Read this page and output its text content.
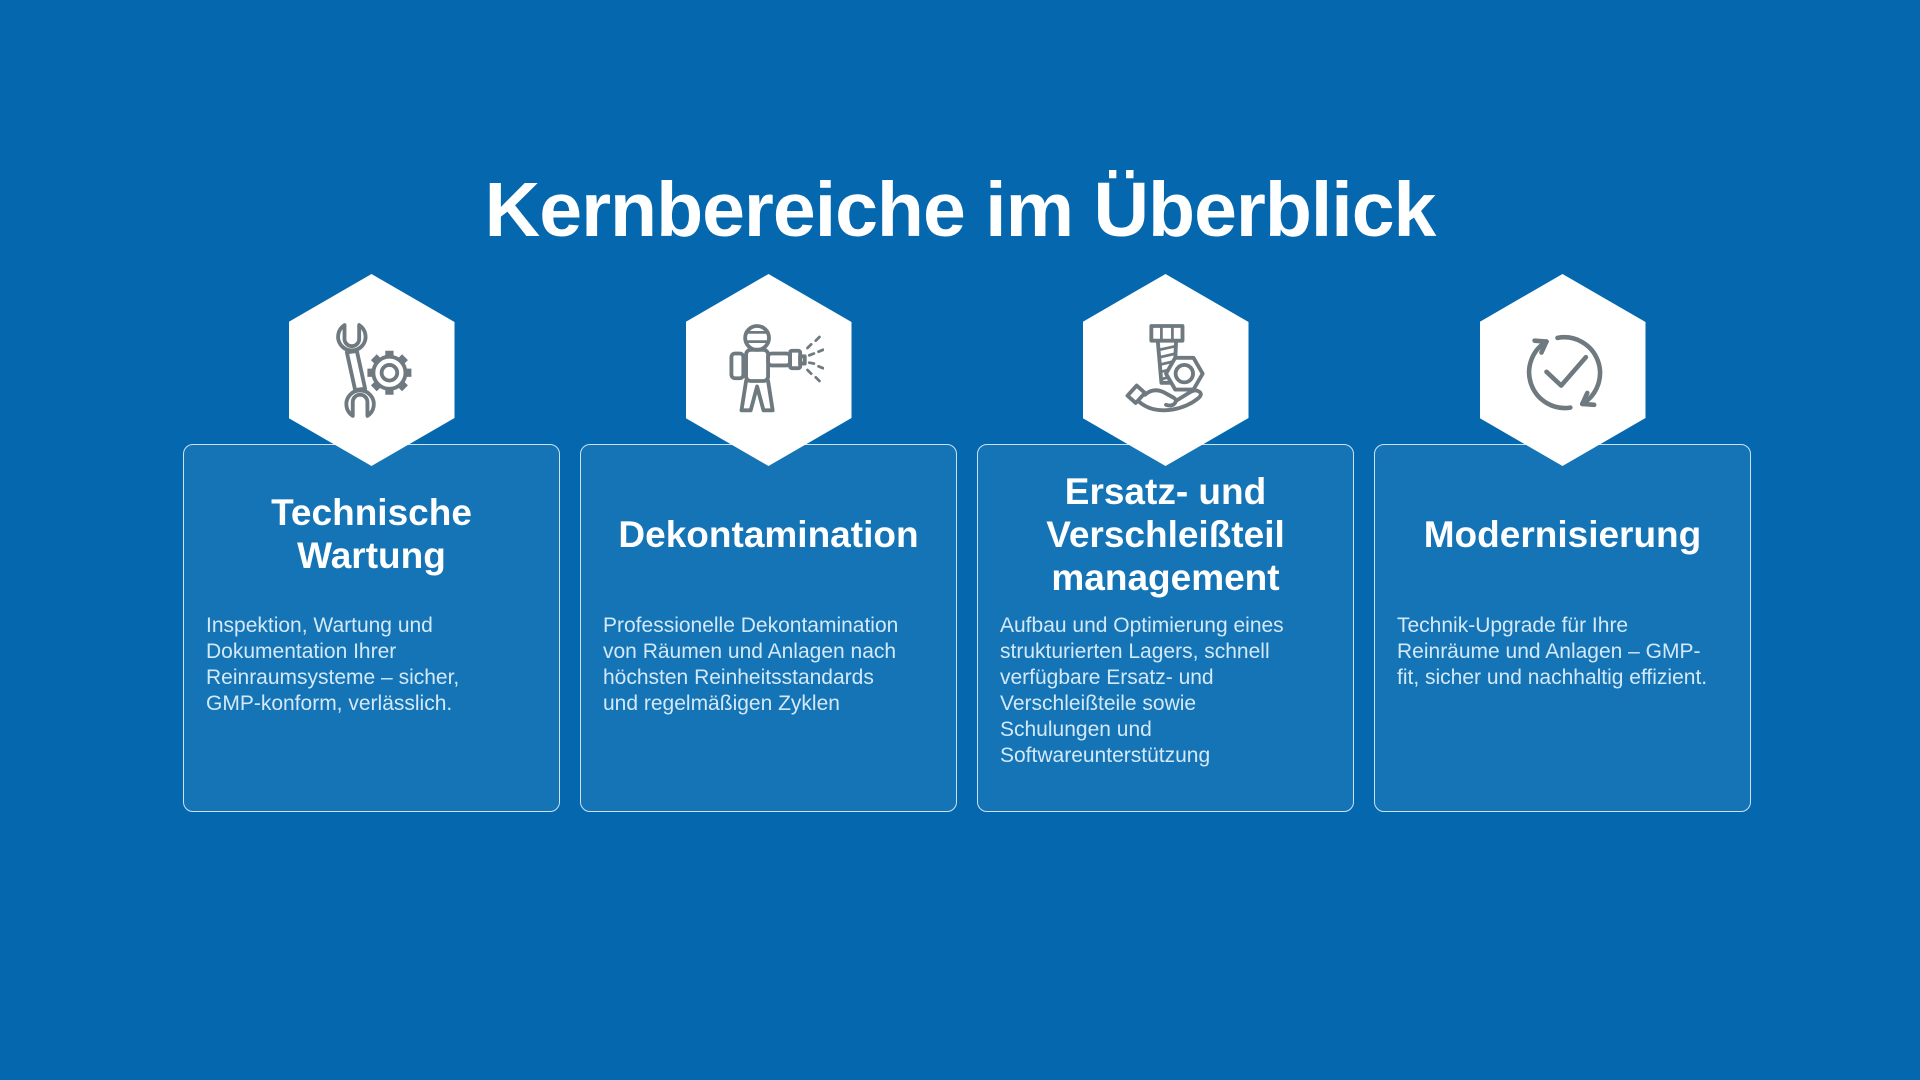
Kernbereiche im Überblick
Technische Wartung

Inspektion, Wartung und Dokumentation Ihrer Reinraumsysteme – sicher, GMP-konform, verlässlich.

Dekontamination

Professionelle Dekontamination von Räumen und Anlagen nach höchsten Reinheitsstandards und regelmäßigen Zyklen

Ersatz- und Verschleißteil management

Aufbau und Optimierung eines strukturierten Lagers, schnell verfügbare Ersatz- und Verschleißteile sowie Schulungen und Softwareunterstützung

Modernisierung

Technik-Upgrade für Ihre Reinräume und Anlagen – GMP-fit, sicher und nachhaltig effizient.
